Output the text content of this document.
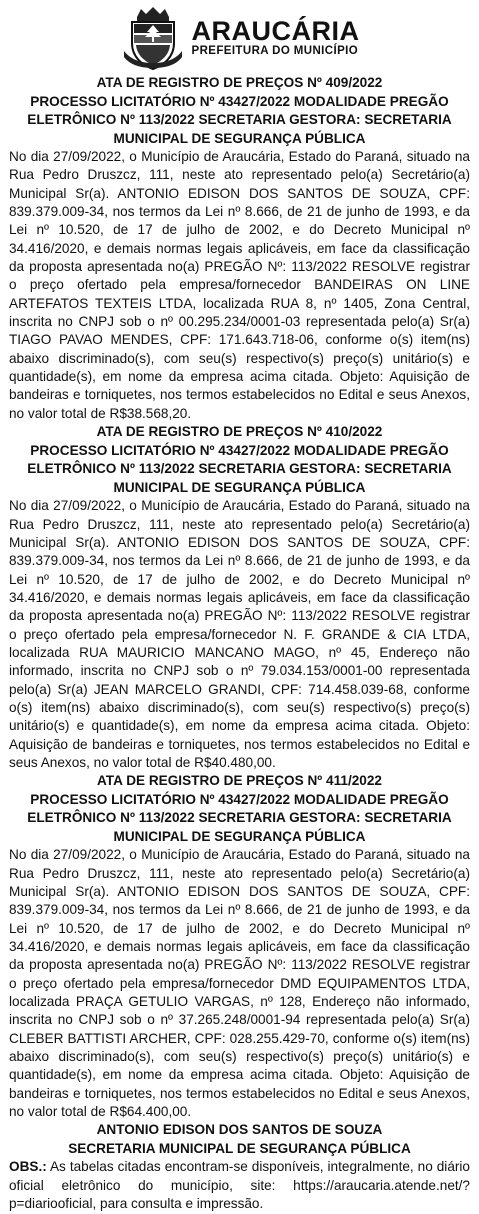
ARAUCÁRIA
PREFEITURA DO MUNICÍPIO

ATA DE REGISTRO DE PREÇOS Nº 409/2022

PROCESSO LICITATÓRIO Nº 43427/2022 MODALIDADE PREGÃO ELETRÔNICO Nº 113/2022 SECRETARIA GESTORA: SECRETARIA MUNICIPAL DE SEGURANÇA PÚBLICA

No dia 27/09/2022, o Município de Araucária, Estado do Paraná, situado na Rua Pedro Druszcz, 111, neste ato representado pelo(a) Secretário(a) Municipal Sr(a). ANTONIO EDISON DOS SANTOS DE SOUZA, CPF: 839.379.009-34, nos termos da Lei nº 8.666, de 21 de junho de 1993, e da Lei nº 10.520, de 17 de julho de 2002, e do Decreto Municipal nº 34.416/2020, e demais normas legais aplicáveis, em face da classificação da proposta apresentada no(a) PREGÃO Nº: 113/2022 RESOLVE registrar o preço ofertado pela empresa/fornecedor BANDEIRAS ON LINE ARTEFATOS TEXTEIS LTDA, localizada RUA 8, nº 1405, Zona Central, inscrita no CNPJ sob o nº 00.295.234/0001-03 representada pelo(a) Sr(a) TIAGO PAVAO MENDES, CPF: 171.643.718-06, conforme o(s) item(ns) abaixo discriminado(s), com seu(s) respectivo(s) preço(s) unitário(s) e quantidade(s), em nome da empresa acima citada. Objeto: Aquisição de bandeiras e torniquetes, nos termos estabelecidos no Edital e seus Anexos, no valor total de R$38.568,20.

ATA DE REGISTRO DE PREÇOS Nº 410/2022

PROCESSO LICITATÓRIO Nº 43427/2022 MODALIDADE PREGÃO ELETRÔNICO Nº 113/2022 SECRETARIA GESTORA: SECRETARIA MUNICIPAL DE SEGURANÇA PÚBLICA

No dia 27/09/2022, o Município de Araucária, Estado do Paraná, situado na Rua Pedro Druszcz, 111, neste ato representado pelo(a) Secretário(a) Municipal Sr(a). ANTONIO EDISON DOS SANTOS DE SOUZA, CPF: 839.379.009-34, nos termos da Lei nº 8.666, de 21 de junho de 1993, e da Lei nº 10.520, de 17 de julho de 2002, e do Decreto Municipal nº 34.416/2020, e demais normas legais aplicáveis, em face da classificação da proposta apresentada no(a) PREGÃO Nº: 113/2022 RESOLVE registrar o preço ofertado pela empresa/fornecedor N. F. GRANDE & CIA LTDA, localizada RUA MAURICIO MANCANO MAGO, nº 45, Endereço não informado, inscrita no CNPJ sob o nº 79.034.153/0001-00 representada pelo(a) Sr(a) JEAN MARCELO GRANDI, CPF: 714.458.039-68, conforme o(s) item(ns) abaixo discriminado(s), com seu(s) respectivo(s) preço(s) unitário(s) e quantidade(s), em nome da empresa acima citada. Objeto: Aquisição de bandeiras e torniquetes, nos termos estabelecidos no Edital e seus Anexos, no valor total de R$40.480,00.

ATA DE REGISTRO DE PREÇOS Nº 411/2022

PROCESSO LICITATÓRIO Nº 43427/2022 MODALIDADE PREGÃO ELETRÔNICO Nº 113/2022 SECRETARIA GESTORA: SECRETARIA MUNICIPAL DE SEGURANÇA PÚBLICA

No dia 27/09/2022, o Município de Araucária, Estado do Paraná, situado na Rua Pedro Druszcz, 111, neste ato representado pelo(a) Secretário(a) Municipal Sr(a). ANTONIO EDISON DOS SANTOS DE SOUZA, CPF: 839.379.009-34, nos termos da Lei nº 8.666, de 21 de junho de 1993, e da Lei nº 10.520, de 17 de julho de 2002, e do Decreto Municipal nº 34.416/2020, e demais normas legais aplicáveis, em face da classificação da proposta apresentada no(a) PREGÃO Nº: 113/2022 RESOLVE registrar o preço ofertado pela empresa/fornecedor DMD EQUIPAMENTOS LTDA, localizada PRAÇA GETULIO VARGAS, nº 128, Endereço não informado, inscrita no CNPJ sob o nº 37.265.248/0001-94 representada pelo(a) Sr(a) CLEBER BATTISTI ARCHER, CPF: 028.255.429-70, conforme o(s) item(ns) abaixo discriminado(s), com seu(s) respectivo(s) preço(s) unitário(s) e quantidade(s), em nome da empresa acima citada. Objeto: Aquisição de bandeiras e torniquetes, nos termos estabelecidos no Edital e seus Anexos, no valor total de R$64.400,00.

ANTONIO EDISON DOS SANTOS DE SOUZA

SECRETARIA MUNICIPAL DE SEGURANÇA PÚBLICA

OBS.: As tabelas citadas encontram-se disponíveis, integralmente, no diário oficial eletrônico do município, site: https://araucaria.atende.net/?p=diariooficial, para consulta e impressão.
